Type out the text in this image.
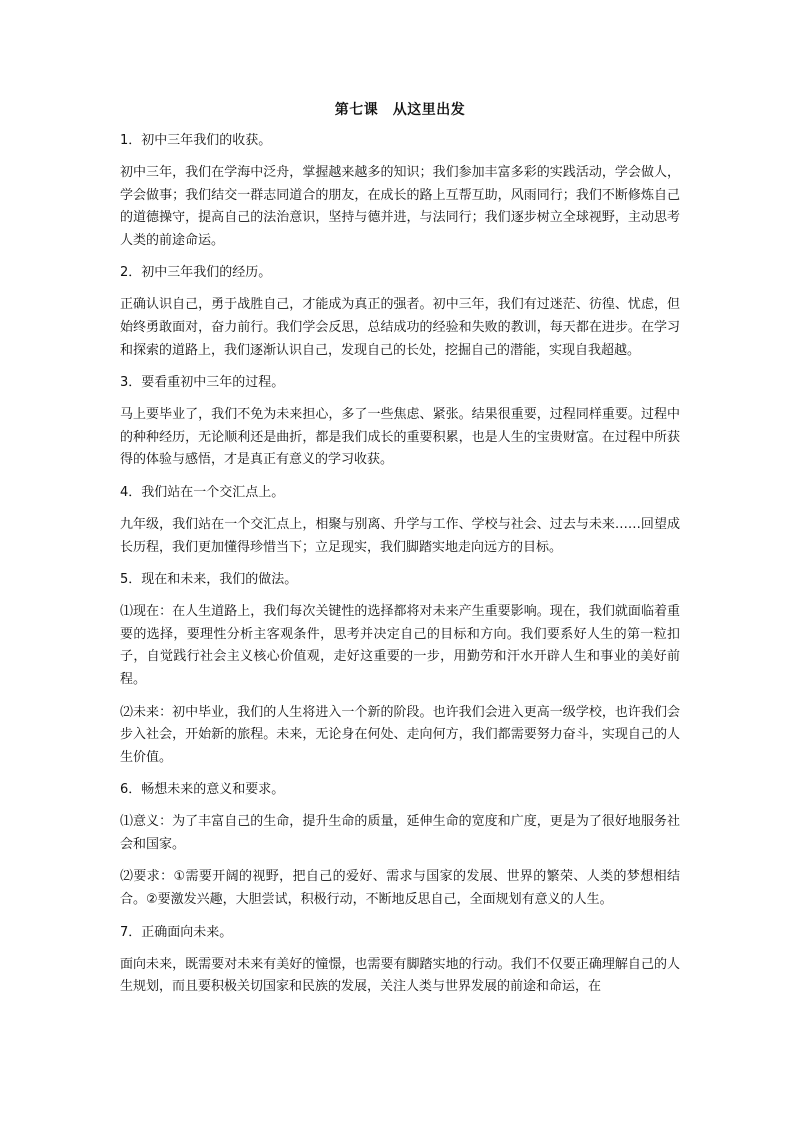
第七课　从这里出发
1．初中三年我们的收获。
初中三年，我们在学海中泛舟，掌握越来越多的知识；我们参加丰富多彩的实践活动，学会做人，学会做事；我们结交一群志同道合的朋友，在成长的路上互帮互助，风雨同行；我们不断修炼自己的道德操守，提高自己的法治意识，坚持与德并进，与法同行；我们逐步树立全球视野，主动思考人类的前途命运。
2．初中三年我们的经历。
正确认识自己，勇于战胜自己，才能成为真正的强者。初中三年，我们有过迷茫、彷徨、忧虑，但始终勇敢面对，奋力前行。我们学会反思，总结成功的经验和失败的教训，每天都在进步。在学习和探索的道路上，我们逐渐认识自己，发现自己的长处，挖掘自己的潜能，实现自我超越。
3．要看重初中三年的过程。
马上要毕业了，我们不免为未来担心，多了一些焦虑、紧张。结果很重要，过程同样重要。过程中的种种经历，无论顺利还是曲折，都是我们成长的重要积累，也是人生的宝贵财富。在过程中所获得的体验与感悟，才是真正有意义的学习收获。
4．我们站在一个交汇点上。
九年级，我们站在一个交汇点上，相聚与别离、升学与工作、学校与社会、过去与未来……回望成长历程，我们更加懂得珍惜当下；立足现实，我们脚踏实地走向远方的目标。
5．现在和未来，我们的做法。
⑴现在：在人生道路上，我们每次关键性的选择都将对未来产生重要影响。现在，我们就面临着重要的选择，要理性分析主客观条件，思考并决定自己的目标和方向。我们要系好人生的第一粒扣子，自觉践行社会主义核心价值观，走好这重要的一步，用勤劳和汗水开辟人生和事业的美好前程。
⑵未来：初中毕业，我们的人生将进入一个新的阶段。也许我们会进入更高一级学校，也许我们会步入社会，开始新的旅程。未来，无论身在何处、走向何方，我们都需要努力奋斗，实现自己的人生价值。
6．畅想未来的意义和要求。
⑴意义：为了丰富自己的生命，提升生命的质量，延伸生命的宽度和广度，更是为了很好地服务社会和国家。
⑵要求：①需要开阔的视野，把自己的爱好、需求与国家的发展、世界的繁荣、人类的梦想相结合。②要激发兴趣，大胆尝试，积极行动，不断地反思自己，全面规划有意义的人生。
7．正确面向未来。
面向未来，既需要对未来有美好的憧憬，也需要有脚踏实地的行动。我们不仅要正确理解自己的人生规划，而且要积极关切国家和民族的发展，关注人类与世界发展的前途和命运，在
